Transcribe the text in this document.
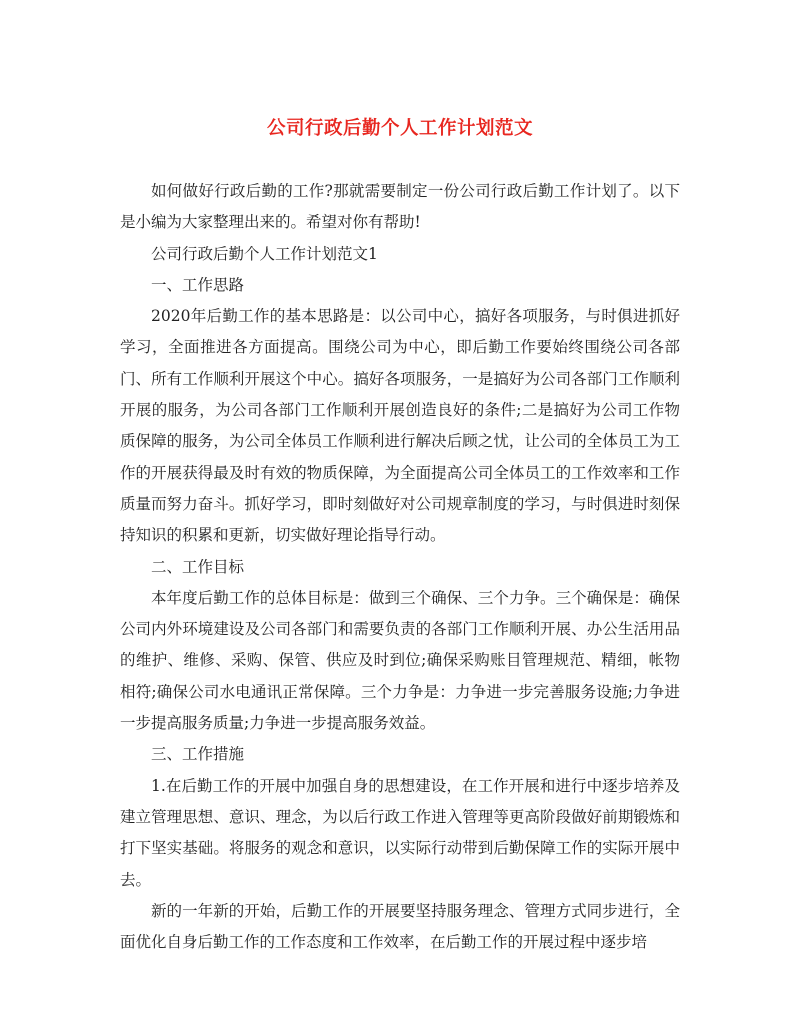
公司行政后勤个人工作计划范文

如何做好行政后勤的工作?那就需要制定一份公司行政后勤工作计划了。以下是小编为大家整理出来的。希望对你有帮助!

公司行政后勤个人工作计划范文1

一、工作思路

2020年后勤工作的基本思路是：以公司中心，搞好各项服务，与时俱进抓好学习，全面推进各方面提高。围绕公司为中心，即后勤工作要始终围绕公司各部门、所有工作顺利开展这个中心。搞好各项服务，一是搞好为公司各部门工作顺利开展的服务，为公司各部门工作顺利开展创造良好的条件;二是搞好为公司工作物质保障的服务，为公司全体员工作顺利进行解决后顾之忧，让公司的全体员工为工作的开展获得最及时有效的物质保障，为全面提高公司全体员工的工作效率和工作质量而努力奋斗。抓好学习，即时刻做好对公司规章制度的学习，与时俱进时刻保持知识的积累和更新，切实做好理论指导行动。

二、工作目标

本年度后勤工作的总体目标是：做到三个确保、三个力争。三个确保是：确保公司内外环境建设及公司各部门和需要负责的各部门工作顺利开展、办公生活用品的维护、维修、采购、保管、供应及时到位;确保采购账目管理规范、精细，帐物相符;确保公司水电通讯正常保障。三个力争是：力争进一步完善服务设施;力争进一步提高服务质量;力争进一步提高服务效益。

三、工作措施

1.在后勤工作的开展中加强自身的思想建设，在工作开展和进行中逐步培养及建立管理思想、意识、理念，为以后行政工作进入管理等更高阶段做好前期锻炼和打下坚实基础。将服务的观念和意识，以实际行动带到后勤保障工作的实际开展中去。

新的一年新的开始，后勤工作的开展要坚持服务理念、管理方式同步进行，全面优化自身后勤工作的工作态度和工作效率，在后勤工作的开展过程中逐步培
